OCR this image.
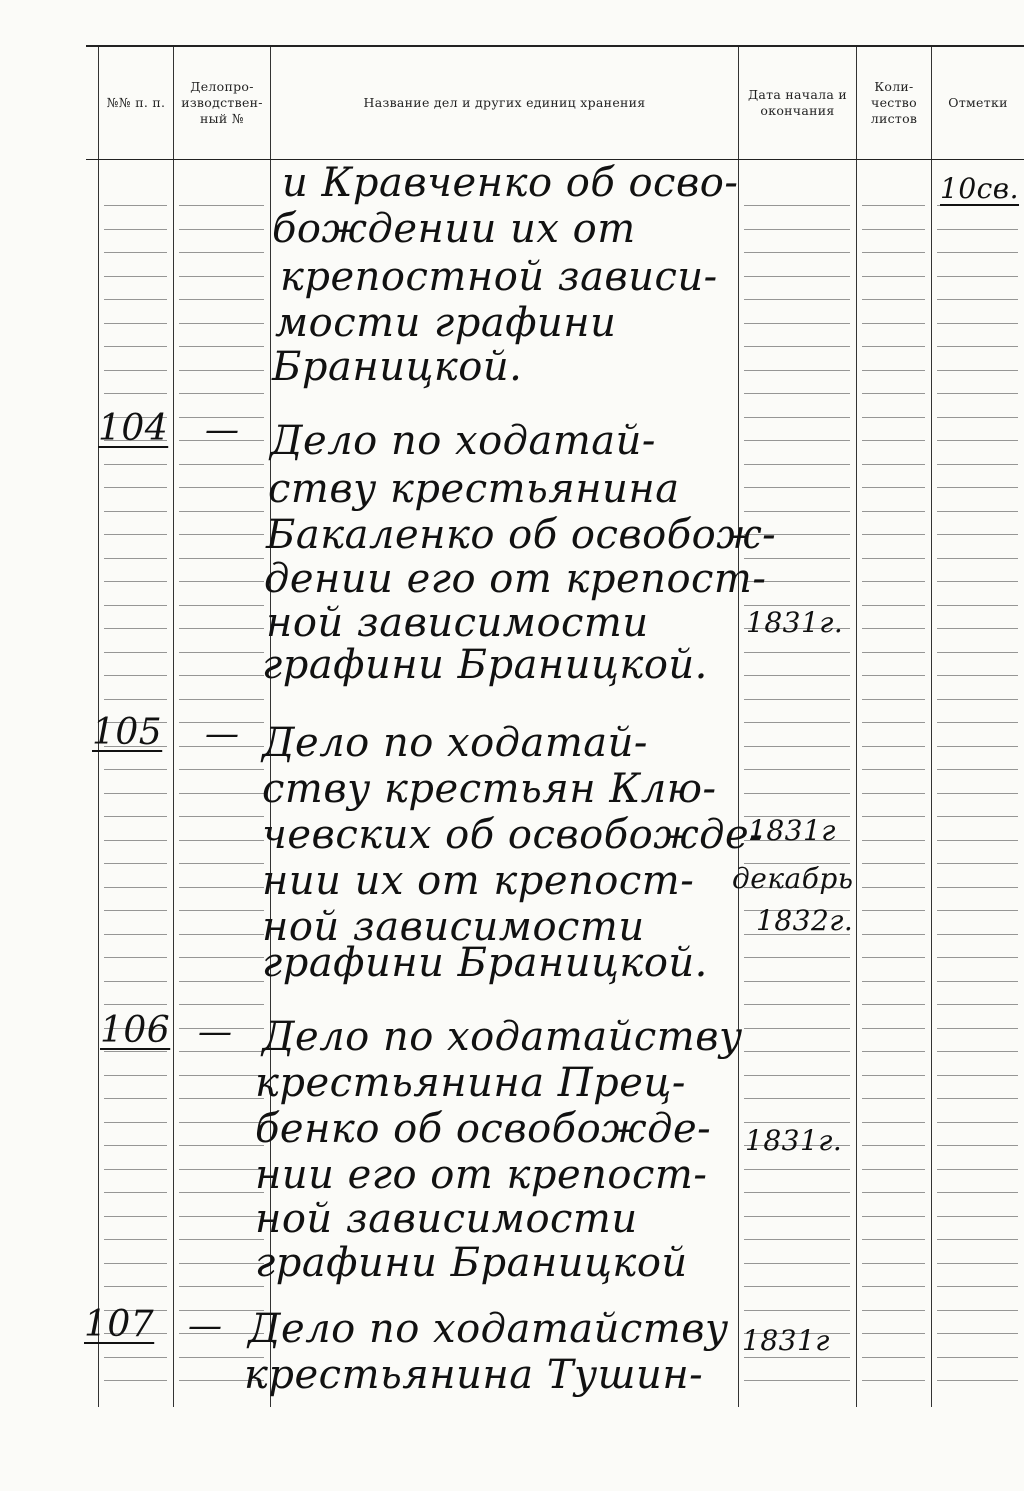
№№ п. п.
Делопро- изводствен- ный №
Название дел и других единиц хранения
Дата начала и окончания
Коли- чество листов
Отметки
и Кравченко об осво-
бождении их от
крепостной зависи-
мости графини
Браницкой.
10св.
104 — Дело по ходатай-
ству крестьянина
Бакаленко об освобож-
дении его от крепост-
ной зависимости
графини Браницкой.
1831г.
105 — Дело по ходатай-
ству крестьян Клю-
чевских об освобожде-
нии их от крепост-
ной зависимости
графини Браницкой.
1831г
декабрь
1832г.
106 — Дело по ходатайству
крестьянина Прец-
бенко об освобожде-
нии его от крепост-
ной зависимости
графини Браницкой
1831г.
107 — Дело по ходатайству
крестьянина Тушин-
1831г
